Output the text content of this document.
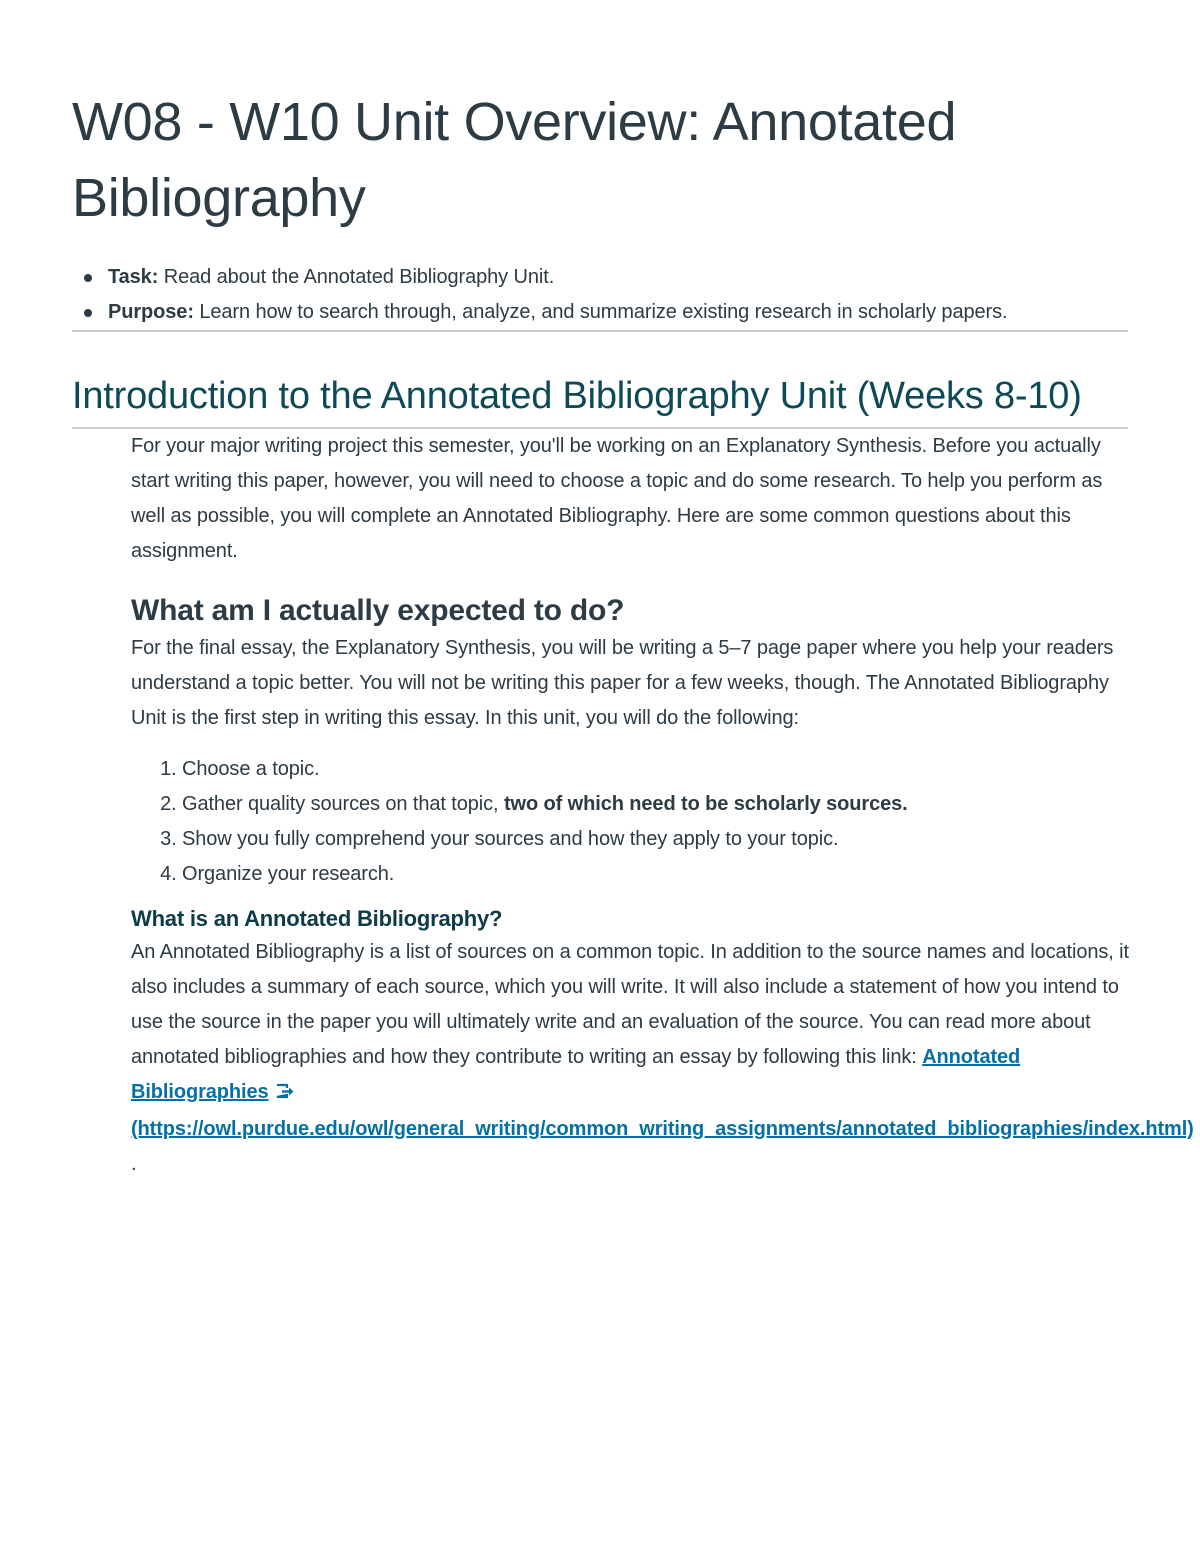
W08 - W10 Unit Overview: Annotated Bibliography
Task: Read about the Annotated Bibliography Unit.
Purpose: Learn how to search through, analyze, and summarize existing research in scholarly papers.
Introduction to the Annotated Bibliography Unit (Weeks 8-10)

For your major writing project this semester, you'll be working on an Explanatory Synthesis. Before you actually start writing this paper, however, you will need to choose a topic and do some research. To help you perform as well as possible, you will complete an Annotated Bibliography. Here are some common questions about this assignment.

What am I actually expected to do?

For the final essay, the Explanatory Synthesis, you will be writing a 5–7 page paper where you help your readers understand a topic better. You will not be writing this paper for a few weeks, though. The Annotated Bibliography Unit is the first step in writing this essay. In this unit, you will do the following:

1. Choose a topic.
2. Gather quality sources on that topic, two of which need to be scholarly sources.
3. Show you fully comprehend your sources and how they apply to your topic.
4. Organize your research.
What is an Annotated Bibliography?

An Annotated Bibliography is a list of sources on a common topic. In addition to the source names and locations, it also includes a summary of each source, which you will write. It will also include a statement of how you intend to use the source in the paper you will ultimately write and an evaluation of the source. You can read more about annotated bibliographies and how they contribute to writing an essay by following this link: Annotated Bibliographies
(https://owl.purdue.edu/owl/general_writing/common_writing_assignments/annotated_bibliographies/index.html) .
